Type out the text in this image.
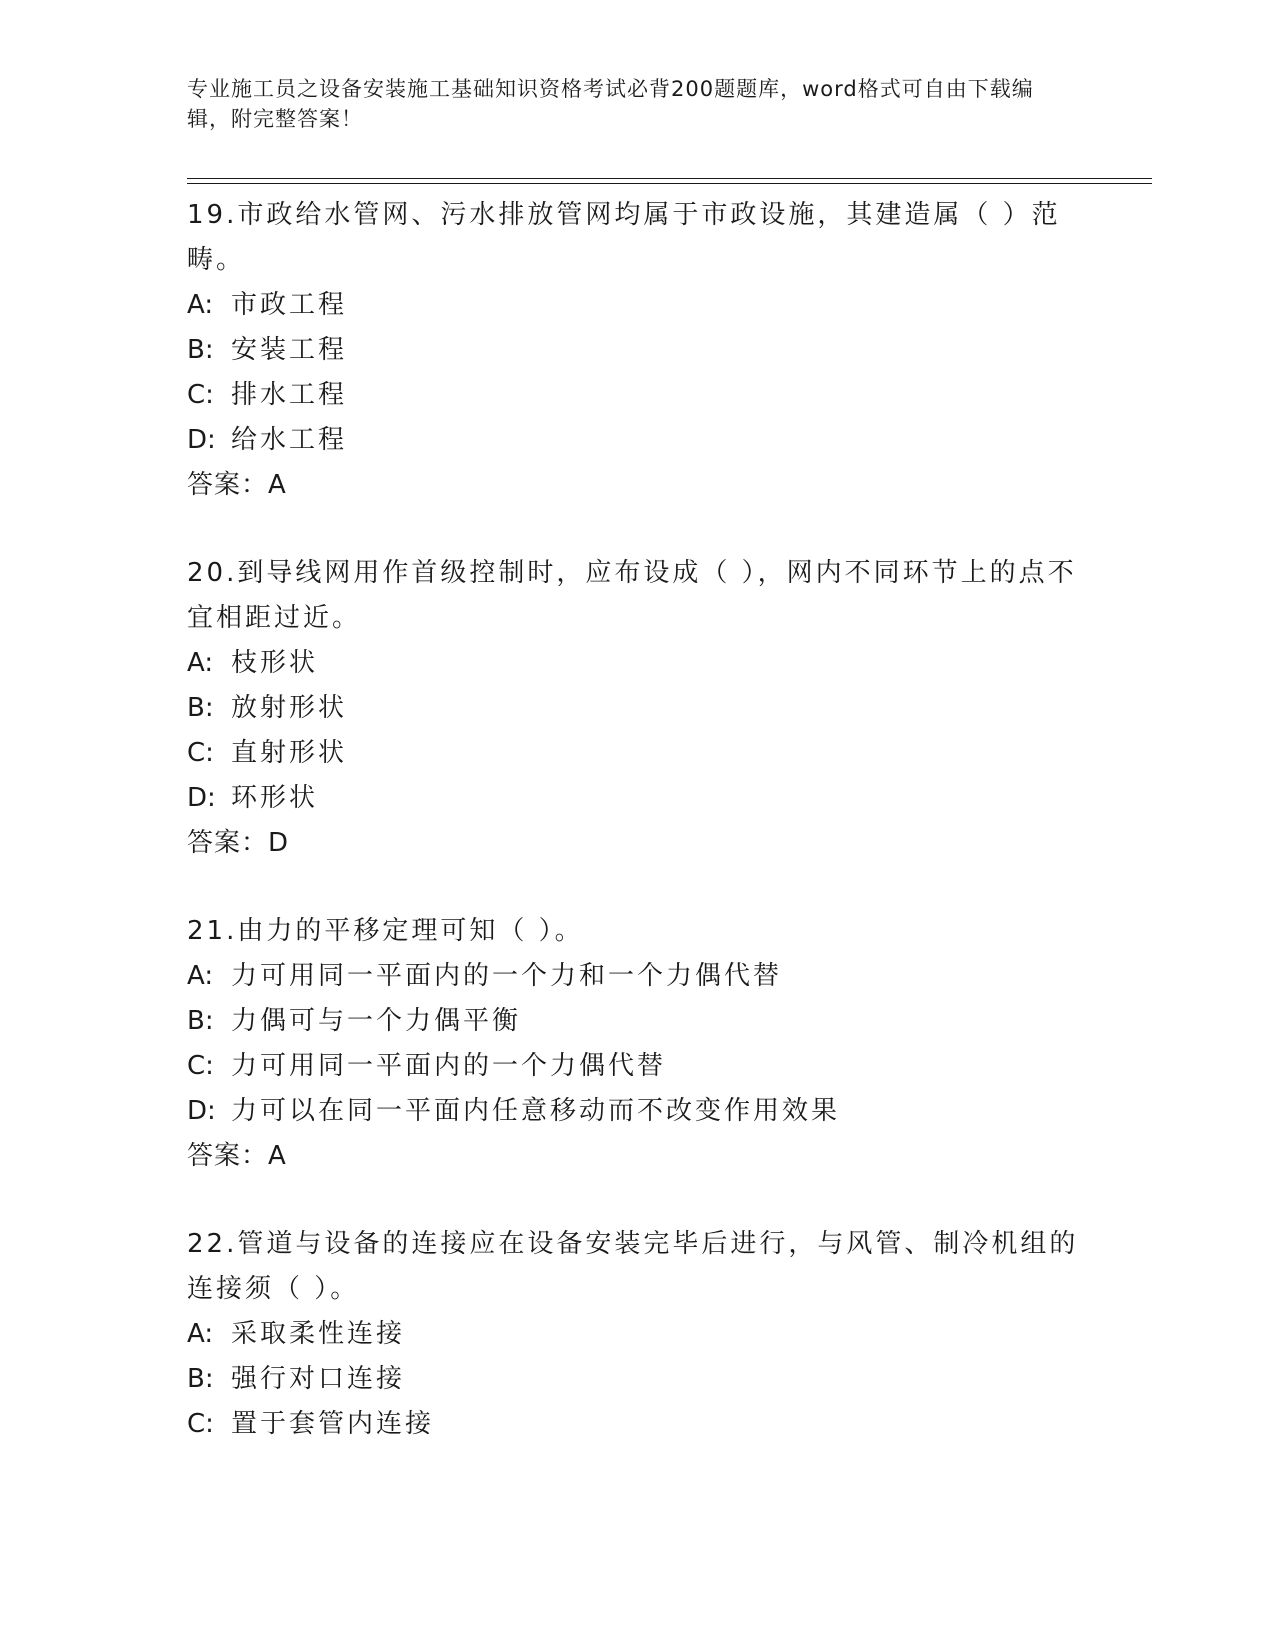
专业施工员之设备安装施工基础知识资格考试必背200题题库，word格式可自由下载编辑，附完整答案！

19.市政给水管网、污水排放管网均属于市政设施，其建造属（ ）范畴。

A: 市政工程

B: 安装工程

C: 排水工程

D: 给水工程

答案：A

20.到导线网用作首级控制时，应布设成（ ），网内不同环节上的点不宜相距过近。

A: 枝形状

B: 放射形状

C: 直射形状

D: 环形状

答案：D

21.由力的平移定理可知（ ）。

A: 力可用同一平面内的一个力和一个力偶代替

B: 力偶可与一个力偶平衡

C: 力可用同一平面内的一个力偶代替

D: 力可以在同一平面内任意移动而不改变作用效果

答案：A

22.管道与设备的连接应在设备安装完毕后进行，与风管、制冷机组的连接须（ ）。

A: 采取柔性连接

B: 强行对口连接

C: 置于套管内连接
